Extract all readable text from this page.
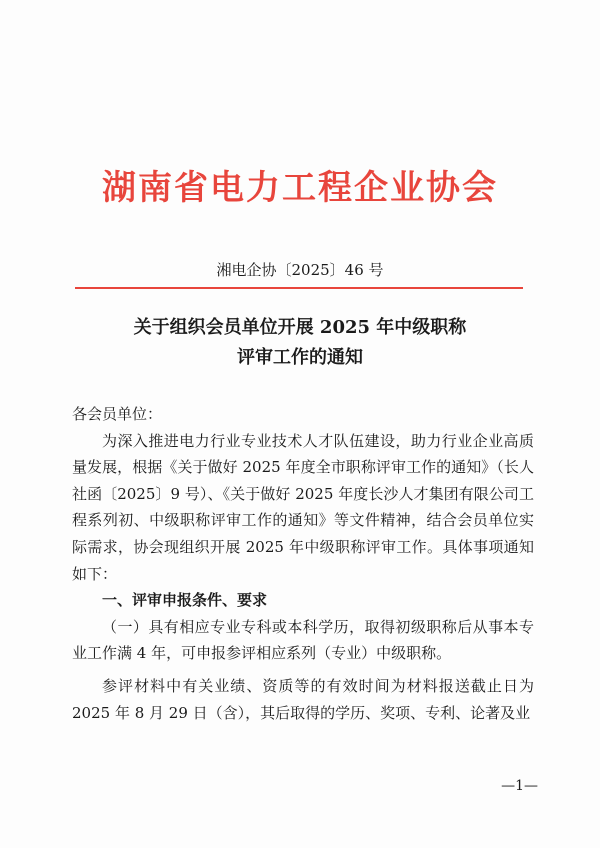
湖南省电力工程企业协会
湘电企协〔2025〕46 号
关于组织会员单位开展 2025 年中级职称
评审工作的通知

各会员单位：

为深入推进电力行业专业技术人才队伍建设，助力行业企业高质量发展，根据《关于做好 2025 年度全市职称评审工作的通知》（长人社函〔2025〕9 号）、《关于做好 2025 年度长沙人才集团有限公司工程系列初、中级职称评审工作的通知》等文件精神，结合会员单位实际需求，协会现组织开展 2025 年中级职称评审工作。具体事项通知如下：

一、评审申报条件、要求

（一）具有相应专业专科或本科学历，取得初级职称后从事本专业工作满 4 年，可申报参评相应系列（专业）中级职称。

参评材料中有关业绩、资质等的有效时间为材料报送截止日为 2025 年 8 月 29 日（含），其后取得的学历、奖项、专利、论著及业

—1—
